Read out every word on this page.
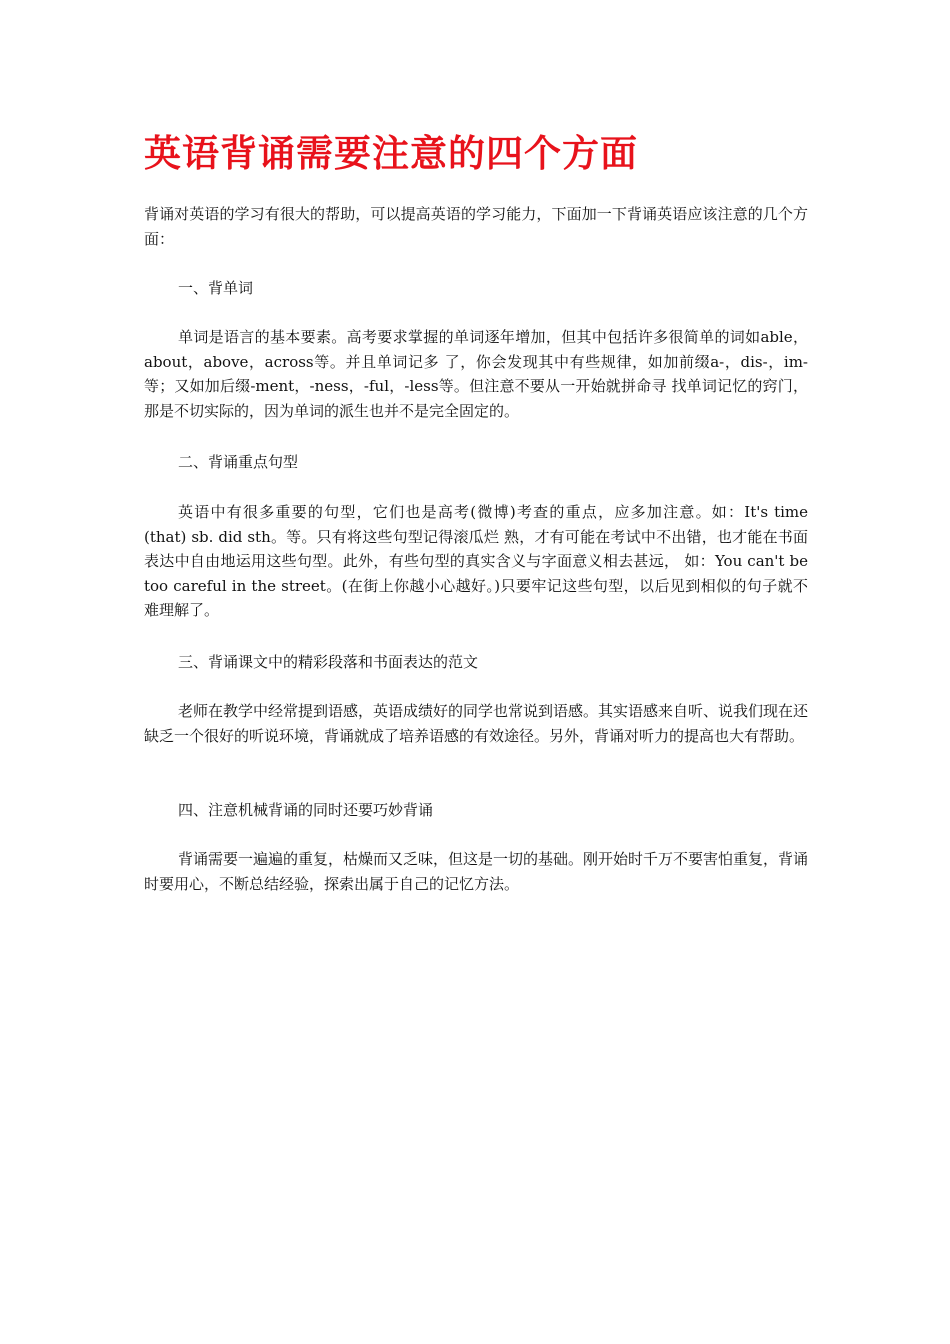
英语背诵需要注意的四个方面

背诵对英语的学习有很大的帮助，可以提高英语的学习能力，下面加一下背诵英语应该注意的几个方面：

一、背单词

单词是语言的基本要素。高考要求掌握的单词逐年增加，但其中包括许多很简单的词如able，about，above，across等。并且单词记多 了，你会发现其中有些规律，如加前缀a-，dis-，im-等；又如加后缀-ment，-ness，-ful，-less等。但注意不要从一开始就拼命寻 找单词记忆的窍门，那是不切实际的，因为单词的派生也并不是完全固定的。

二、背诵重点句型

英语中有很多重要的句型，它们也是高考(微博)考查的重点，应多加注意。如：It's time (that) sb. did sth。等。只有将这些句型记得滚瓜烂 熟，才有可能在考试中不出错，也才能在书面表达中自由地运用这些句型。此外，有些句型的真实含义与字面意义相去甚远， 如：You can't be too careful in the street。(在街上你越小心越好。)只要牢记这些句型，以后见到相似的句子就不难理解了。

三、背诵课文中的精彩段落和书面表达的范文

老师在教学中经常提到语感，英语成绩好的同学也常说到语感。其实语感来自听、说我们现在还缺乏一个很好的听说环境，背诵就成了培养语感的有效途径。另外，背诵对听力的提高也大有帮助。

四、注意机械背诵的同时还要巧妙背诵

背诵需要一遍遍的重复，枯燥而又乏味，但这是一切的基础。刚开始时千万不要害怕重复，背诵时要用心，不断总结经验，探索出属于自己的记忆方法。
